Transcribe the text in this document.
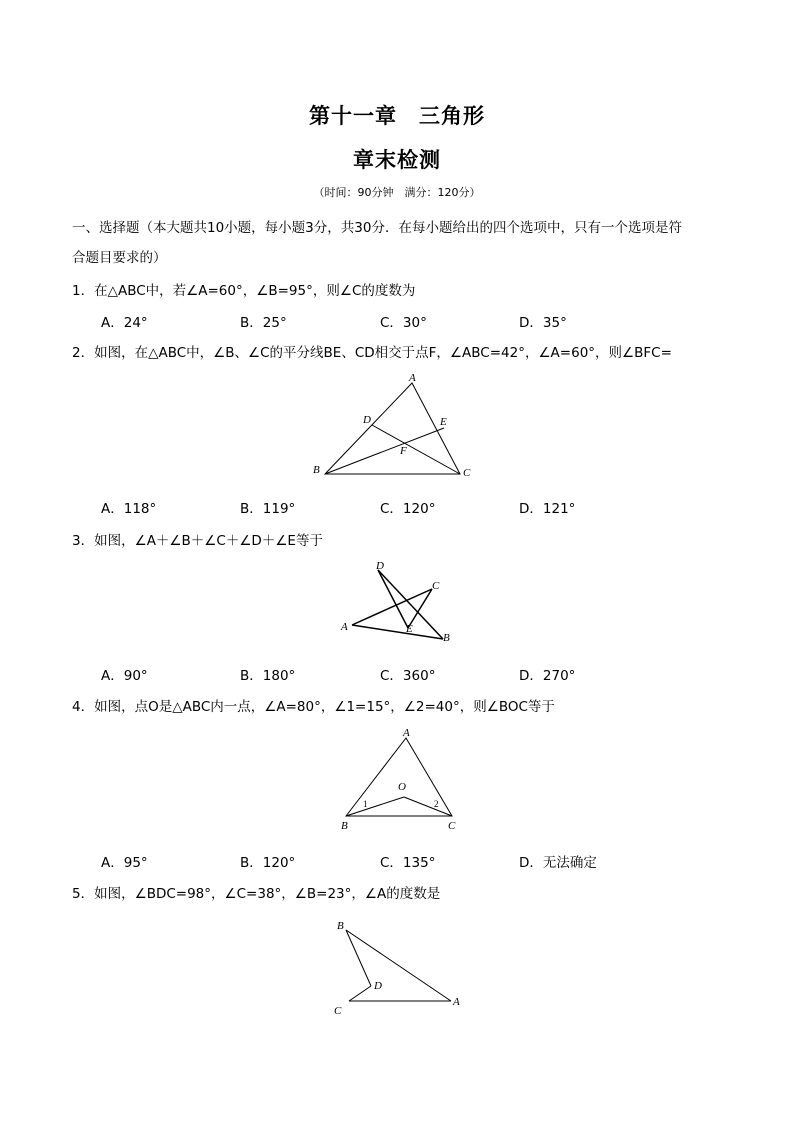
第十一章　三角形
章末检测
（时间：90分钟　满分：120分）
一、选择题（本大题共10小题，每小题3分，共30分．在每小题给出的四个选项中，只有一个选项是符
合题目要求的）
1．在△ABC中，若∠A=60°，∠B=95°，则∠C的度数为
A．24°	B．25°	C．30°	D．35°
2．如图，在△ABC中，∠B、∠C的平分线BE、CD相交于点F，∠ABC=42°，∠A=60°，则∠BFC=
A
D	E
F
B	C
A．118°	B．119°	C．120°	D．121°
3．如图，∠A＋∠B＋∠C＋∠D＋∠E等于
D
C
A	E
B
A．90°	B．180°	C．360°	D．270°
4．如图，点O是△ABC内一点，∠A=80°，∠1=15°，∠2=40°，则∠BOC等于
A
O
1	2
B	C
A．95°	B．120°	C．135°	D．无法确定
5．如图，∠BDC=98°，∠C=38°，∠B=23°，∠A的度数是
B
D
A
C
